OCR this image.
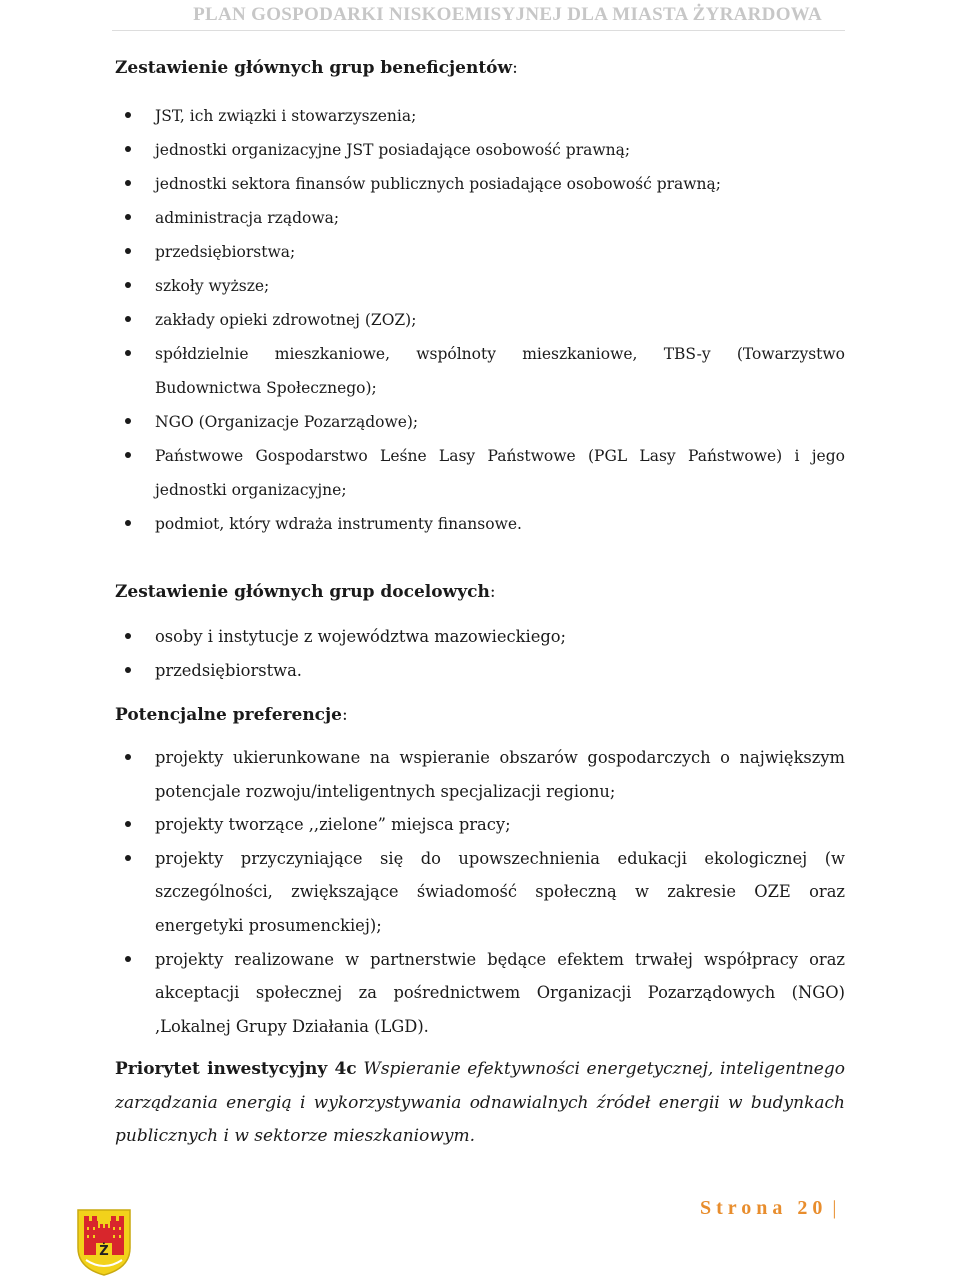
PLAN GOSPODARKI NISKOEMISYJNEJ DLA MIASTA ŻYRARDOWA

Zestawienie głównych grup beneficjentów:

JST, ich związki i stowarzyszenia;
jednostki organizacyjne JST posiadające osobowość prawną;
jednostki sektora finansów publicznych posiadające osobowość prawną;
administracja rządowa;
przedsiębiorstwa;
szkoły wyższe;
zakłady opieki zdrowotnej (ZOZ);
spółdzielnie mieszkaniowe, wspólnoty mieszkaniowe, TBS-y (Towarzystwo Budownictwa Społecznego);
NGO (Organizacje Pozarządowe);
Państwowe Gospodarstwo Leśne Lasy Państwowe (PGL Lasy Państwowe) i jego jednostki organizacyjne;
podmiot, który wdraża instrumenty finansowe.

Zestawienie głównych grup docelowych:

osoby i instytucje z województwa mazowieckiego;
przedsiębiorstwa.

Potencjalne preferencje:

projekty ukierunkowane na wspieranie obszarów gospodarczych o największym potencjale rozwoju/inteligentnych specjalizacji regionu;
projekty tworzące ,,zielone” miejsca pracy;
projekty przyczyniające się do upowszechnienia edukacji ekologicznej (w szczególności, zwiększające świadomość społeczną w zakresie OZE oraz energetyki prosumenckiej);
projekty realizowane w partnerstwie będące efektem trwałej współpracy oraz akceptacji społecznej za pośrednictwem Organizacji Pozarządowych (NGO) ,Lokalnej Grupy Działania (LGD).

Priorytet inwestycyjny 4c Wspieranie efektywności energetycznej, inteligentnego zarządzania energią i wykorzystywania odnawialnych źródeł energii w budynkach publicznych i w sektorze mieszkaniowym.

Ż
Strona 20 |
